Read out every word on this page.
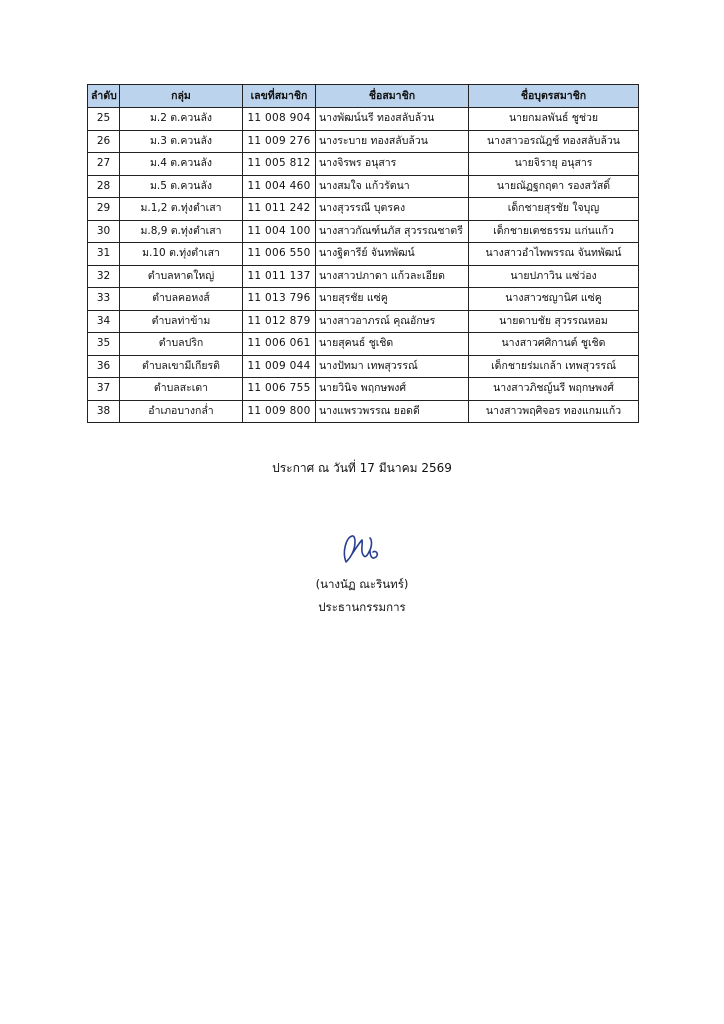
ลำดับ	กลุ่ม	เลขที่สมาชิก	ชื่อสมาชิก	ชื่อบุตรสมาชิก
25	ม.2 ต.ควนลัง	11 008 904	นางพัฒน์นรี ทองสลับล้วน	นายกมลพันธ์ ชูช่วย
26	ม.3 ต.ควนลัง	11 009 276	นางระบาย ทองสลับล้วน	นางสาวอรณัฎช์ ทองสลับล้วน
27	ม.4 ต.ควนลัง	11 005 812	นางจิรพร อนุสาร	นายจิรายุ อนุสาร
28	ม.5 ต.ควนลัง	11 004 460	นางสมใจ แก้วรัตนา	นายณัฏฐกฤตา รองสวัสดิ์
29	ม.1,2 ต.ทุ่งตำเสา	11 011 242	นางสุวรรณี บุตรคง	เด็กชายสุรชัย ใจบุญ
30	ม.8,9 ต.ทุ่งตำเสา	11 004 100	นางสาวกัณฑ์นภัส สุวรรณชาตรี	เด็กชายเตชธรรม แก่นแก้ว
31	ม.10 ต.ทุ่งตำเสา	11 006 550	นางฐิตารีย์ จันทพัฒน์	นางสาวอำไพพรรณ จันทพัฒน์
32	ตำบลหาดใหญ่	11 011 137	นางสาวปภาดา แก้วละเอียด	นายปภาวิน แซ่ว่อง
33	ตำบลคอหงส์	11 013 796	นายสุรชัย แซ่คู	นางสาวชญานิศ แซ่คู
34	ตำบลท่าข้าม	11 012 879	นางสาวอาภรณ์ คุณอักษร	นายดาบชัย สุวรรณหอม
35	ตำบลปริก	11 006 061	นายสุคนธ์ ชูเชิด	นางสาวศศิกานต์ ชูเชิด
36	ตำบลเขามีเกียรติ	11 009 044	นางปัทมา เทพสุวรรณ์	เด็กชายร่มเกล้า เทพสุวรรณ์
37	ตำบลสะเดา	11 006 755	นายวินิจ พฤกษพงศ์	นางสาวภิชญ์นรี พฤกษพงศ์
38	อำเภอบางกล่ำ	11 009 800	นางแพรวพรรณ ยอดดี	นางสาวพฤศิจอร ทองแกมแก้ว
ประกาศ ณ วันที่ 17 มีนาคม 2569
(นางนัฏ ณะรินทร์)
ประธานกรรมการ
